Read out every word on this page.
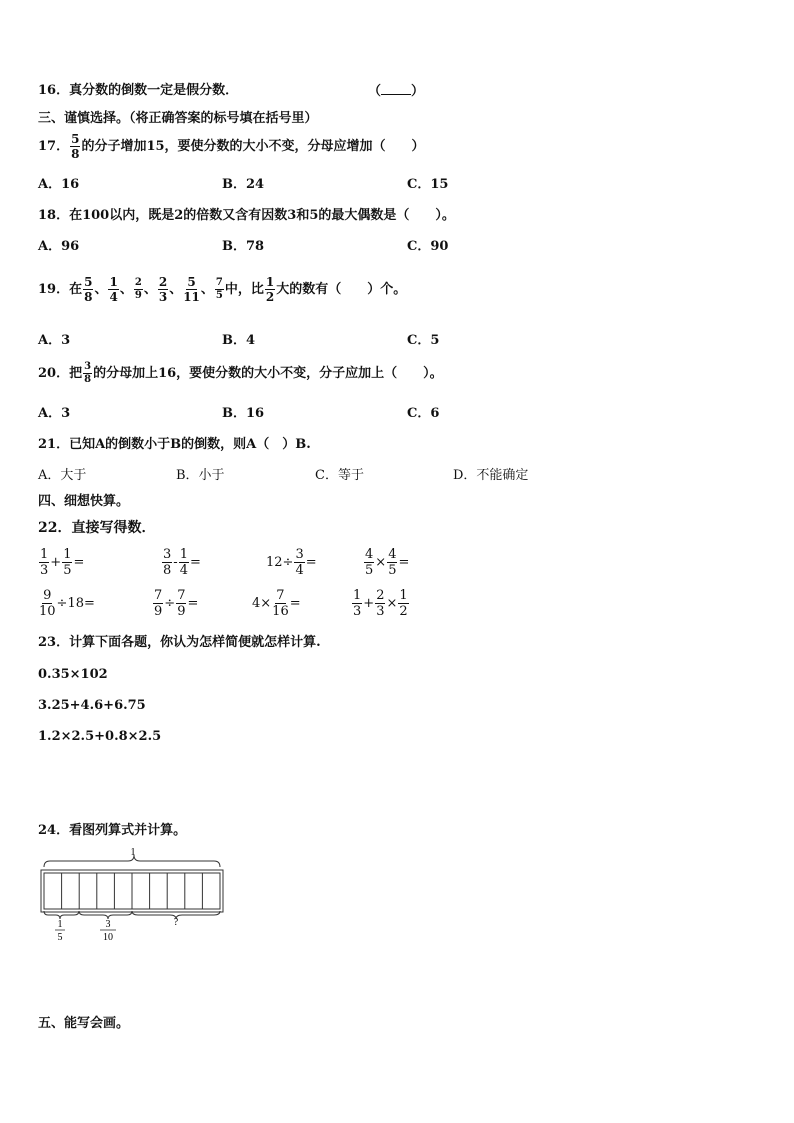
16．真分数的倒数一定是假分数．	（ ）
三、谨慎选择。（将正确答案的标号填在括号里）
17． $\frac{5}{8}$ 的分子增加15，要使分数的大小不变，分母应增加（　　）
A．16	B．24	C．15
18．在100以内，既是2的倍数又含有因数3和5的最大偶数是（　　）。
A．96	B．78	C．90
19．在 $\frac{5}{8}$ 、 $\frac{1}{4}$ 、 $\frac{2}{9}$ 、 $\frac{2}{3}$ 、 $\frac{5}{11}$ 、 $\frac{7}{5}$ 中，比 $\frac{1}{2}$ 大的数有（　　）个。
A．3	B．4	C．5
20．把 $\frac{3}{8}$ 的分母加上16，要使分数的大小不变，分子应加上（　　）。
A．3	B．16	C．6
21．已知A的倒数小于B的倒数，则A（　）B.
A．大于	B．小于	C．等于	D．不能确定
四、细想快算。
22．直接写得数．
$\frac{1}{3} + \frac{1}{5}$ =	$\frac{3}{8} - \frac{1}{4}$ =	$12\div \frac{3}{4}$ =	$\frac{4}{5} \times \frac{4}{5}$ =
$\frac{9}{10} \div 18=$	$\frac{7}{9} \div \frac{7}{9}$ =	$4\times \frac{7}{16}$ =	$\frac{1}{3} + \frac{2}{3} \times \frac{1}{2}$
23．计算下面各题，你认为怎样简便就怎样计算.
0.35×102
3.25+4.6+6.75
1.2×2.5+0.8×2.5
24．看图列算式并计算。
1
1
5
3
10
?
五、能写会画。
